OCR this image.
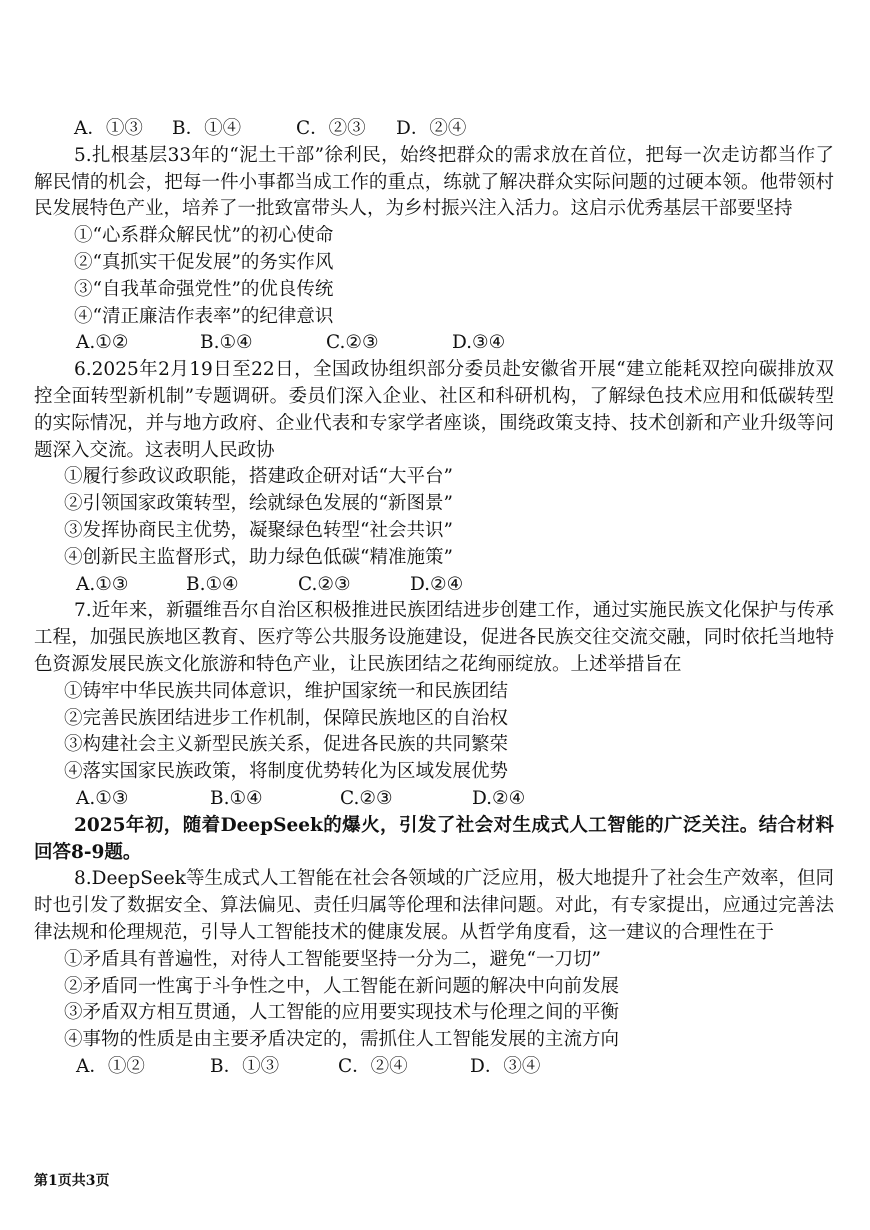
A．①③	B．①④	C．②③	D．②④
5.扎根基层33年的“泥土干部”徐利民，始终把群众的需求放在首位，把每一次走访都当作了解民情的机会，把每一件小事都当成工作的重点，练就了解决群众实际问题的过硬本领。他带领村民发展特色产业，培养了一批致富带头人，为乡村振兴注入活力。这启示优秀基层干部要坚持
①“心系群众解民忧”的初心使命
②“真抓实干促发展”的务实作风
③“自我革命强党性”的优良传统
④“清正廉洁作表率”的纪律意识
A.①②	B.①④	C.②③	D.③④
6.2025年2月19日至22日，全国政协组织部分委员赴安徽省开展“建立能耗双控向碳排放双控全面转型新机制”专题调研。委员们深入企业、社区和科研机构，了解绿色技术应用和低碳转型的实际情况，并与地方政府、企业代表和专家学者座谈，围绕政策支持、技术创新和产业升级等问题深入交流。这表明人民政协
①履行参政议政职能，搭建政企研对话“大平台”
②引领国家政策转型，绘就绿色发展的“新图景”
③发挥协商民主优势，凝聚绿色转型“社会共识”
④创新民主监督形式，助力绿色低碳“精准施策”
A.①③	B.①④	C.②③	D.②④
7.近年来，新疆维吾尔自治区积极推进民族团结进步创建工作，通过实施民族文化保护与传承工程，加强民族地区教育、医疗等公共服务设施建设，促进各民族交往交流交融，同时依托当地特色资源发展民族文化旅游和特色产业，让民族团结之花绚丽绽放。上述举措旨在
①铸牢中华民族共同体意识，维护国家统一和民族团结
②完善民族团结进步工作机制，保障民族地区的自治权
③构建社会主义新型民族关系，促进各民族的共同繁荣
④落实国家民族政策，将制度优势转化为区域发展优势
A.①③	B.①④	C.②③	D.②④
2025年初，随着DeepSeek的爆火，引发了社会对生成式人工智能的广泛关注。结合材料回答8-9题。
8.DeepSeek等生成式人工智能在社会各领域的广泛应用，极大地提升了社会生产效率，但同时也引发了数据安全、算法偏见、责任归属等伦理和法律问题。对此，有专家提出，应通过完善法律法规和伦理规范，引导人工智能技术的健康发展。从哲学角度看，这一建议的合理性在于
①矛盾具有普遍性，对待人工智能要坚持一分为二，避免“一刀切”
②矛盾同一性寓于斗争性之中，人工智能在新问题的解决中向前发展
③矛盾双方相互贯通，人工智能的应用要实现技术与伦理之间的平衡
④事物的性质是由主要矛盾决定的，需抓住人工智能发展的主流方向
A．①②	B．①③	C．②④	D．③④
第1页共3页
